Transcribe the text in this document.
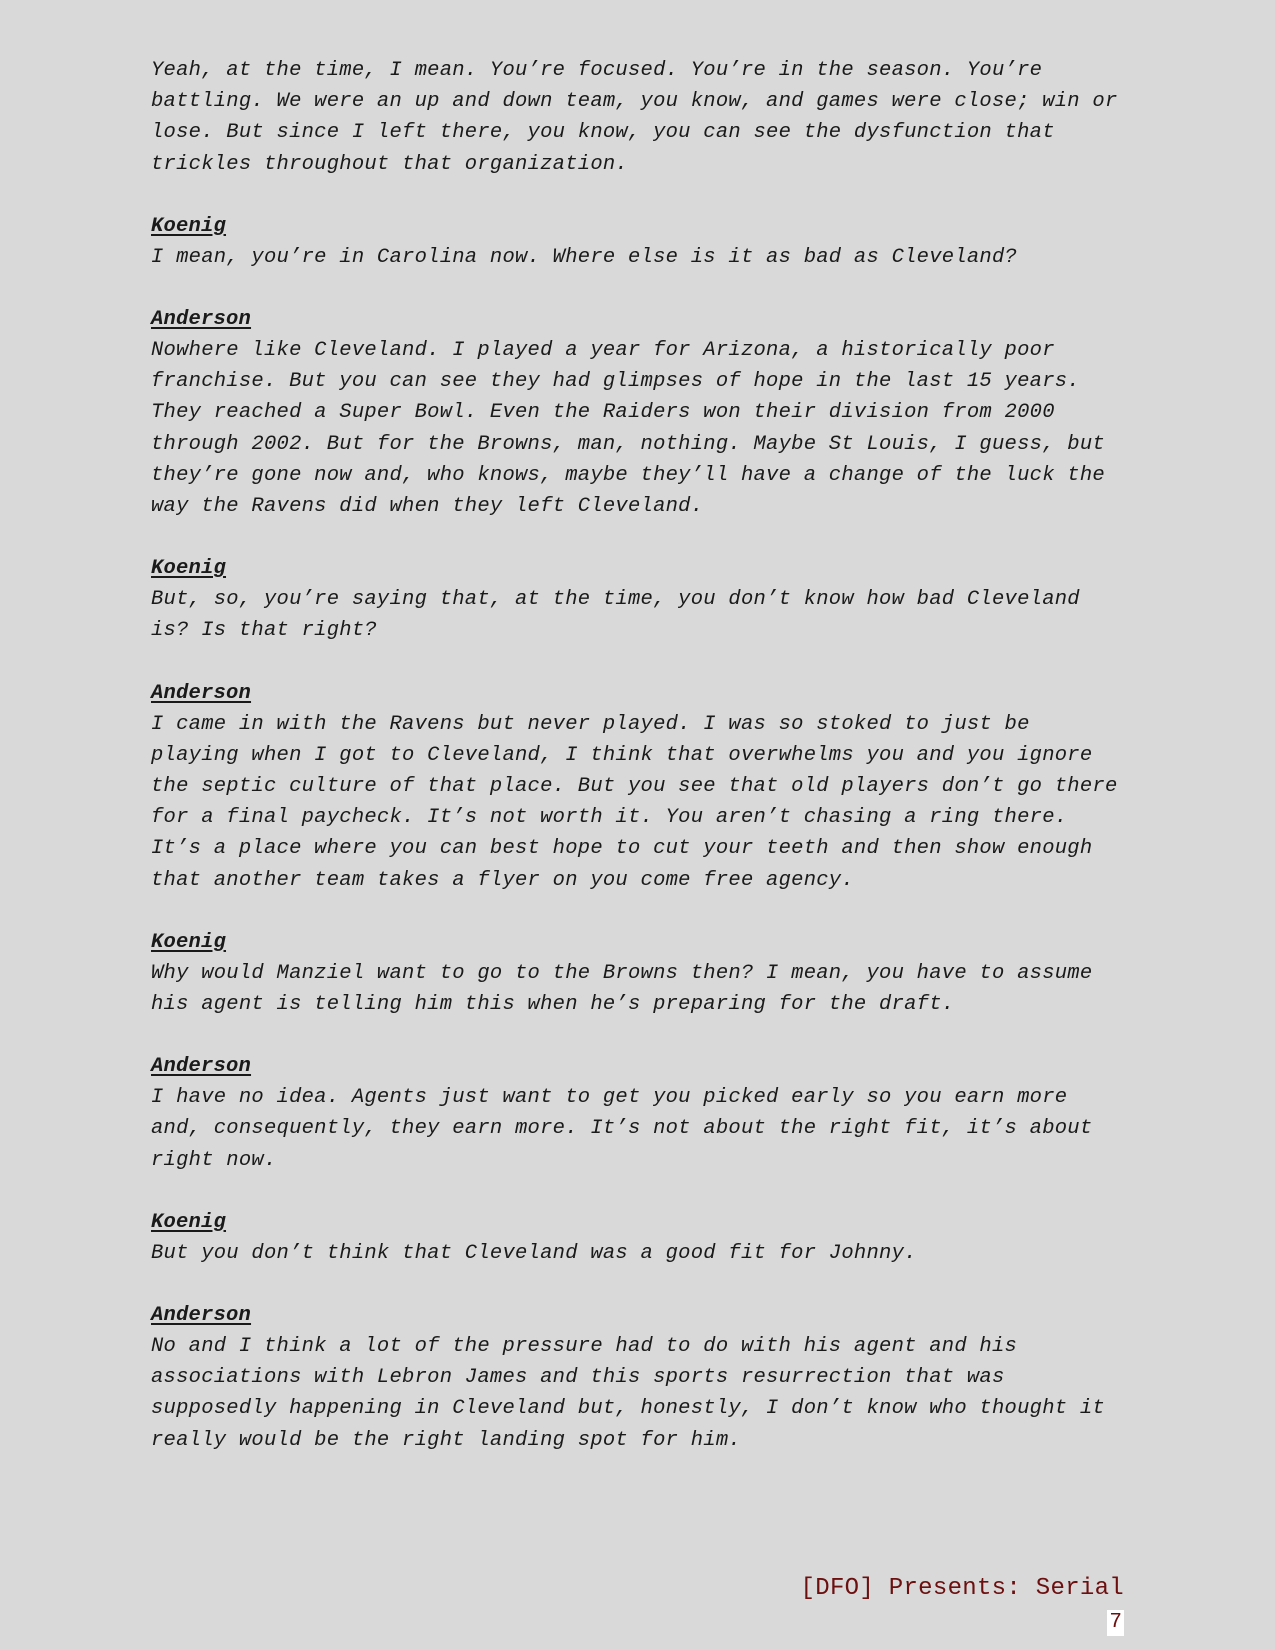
Yeah, at the time, I mean. You’re focused. You’re in the season. You’re battling. We were an up and down team, you know, and games were close; win or lose. But since I left there, you know, you can see the dysfunction that trickles throughout that organization.
Koenig
I mean, you’re in Carolina now. Where else is it as bad as Cleveland?
Anderson
Nowhere like Cleveland. I played a year for Arizona, a historically poor franchise. But you can see they had glimpses of hope in the last 15 years. They reached a Super Bowl. Even the Raiders won their division from 2000 through 2002. But for the Browns, man, nothing. Maybe St Louis, I guess, but they’re gone now and, who knows, maybe they’ll have a change of the luck the way the Ravens did when they left Cleveland.
Koenig
But, so, you’re saying that, at the time, you don’t know how bad Cleveland is? Is that right?
Anderson
I came in with the Ravens but never played. I was so stoked to just be playing when I got to Cleveland, I think that overwhelms you and you ignore the septic culture of that place. But you see that old players don’t go there for a final paycheck. It’s not worth it. You aren’t chasing a ring there. It’s a place where you can best hope to cut your teeth and then show enough that another team takes a flyer on you come free agency.
Koenig
Why would Manziel want to go to the Browns then? I mean, you have to assume his agent is telling him this when he’s preparing for the draft.
Anderson
I have no idea. Agents just want to get you picked early so you earn more and, consequently, they earn more. It’s not about the right fit, it’s about right now.
Koenig
But you don’t think that Cleveland was a good fit for Johnny.
Anderson
No and I think a lot of the pressure had to do with his agent and his associations with Lebron James and this sports resurrection that was supposedly happening in Cleveland but, honestly, I don’t know who thought it really would be the right landing spot for him.
[DFO] Presents: Serial
7
